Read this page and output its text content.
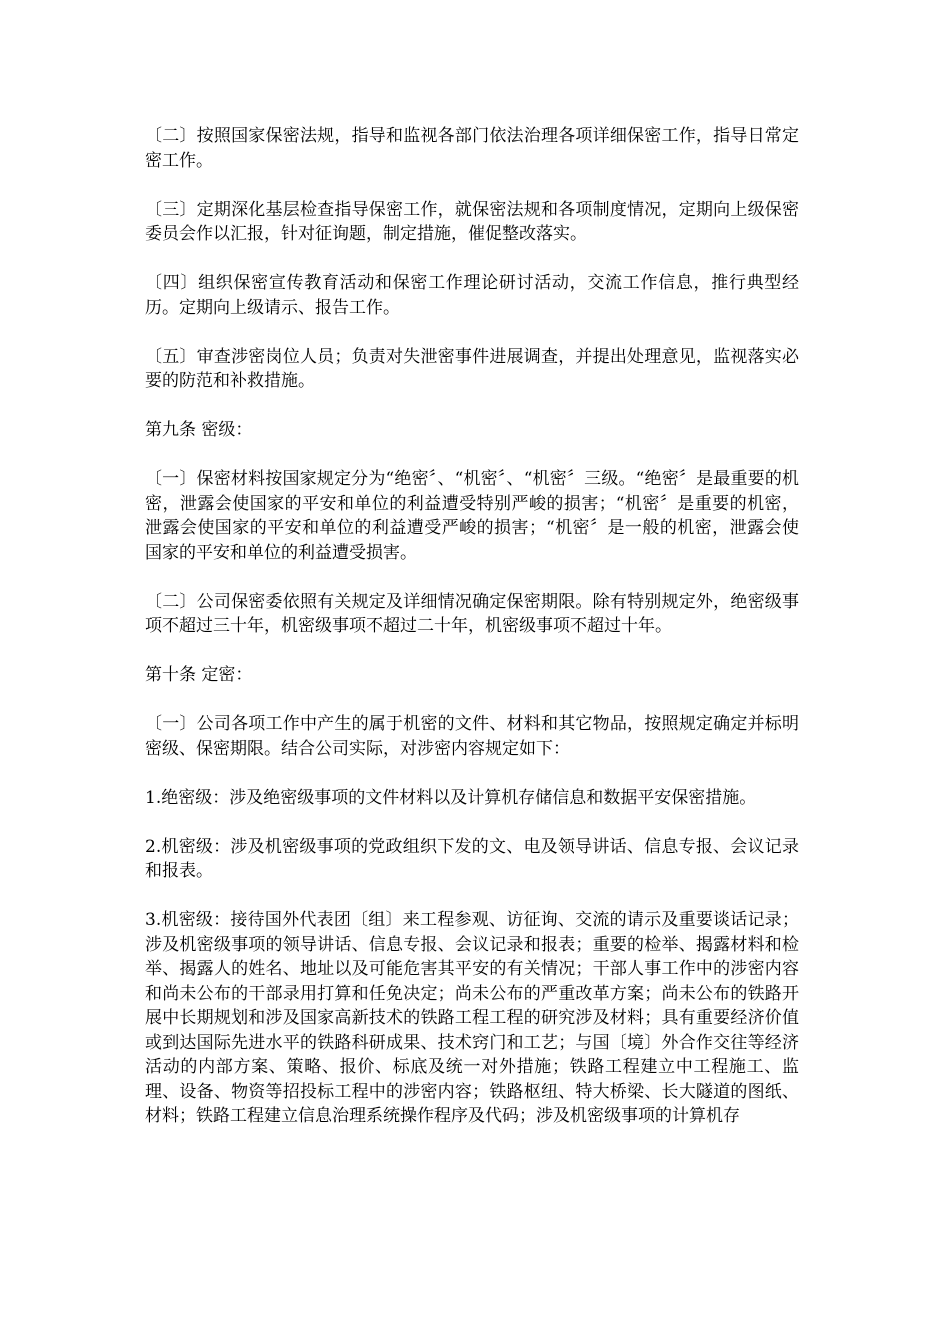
〔二〕按照国家保密法规，指导和监视各部门依法治理各项详细保密工作，指导日常定密工作。

〔三〕定期深化基层检查指导保密工作，就保密法规和各项制度情况，定期向上级保密委员会作以汇报，针对征询题，制定措施，催促整改落实。

〔四〕组织保密宣传教育活动和保密工作理论研讨活动，交流工作信息，推行典型经历。定期向上级请示、报告工作。

〔五〕审查涉密岗位人员；负责对失泄密事件进展调查，并提出处理意见，监视落实必要的防范和补救措施。

第九条 密级：

〔一〕保密材料按国家规定分为“绝密〞、“机密〞、“机密〞三级。“绝密〞是最重要的机密，泄露会使国家的平安和单位的利益遭受特别严峻的损害；“机密〞是重要的机密，泄露会使国家的平安和单位的利益遭受严峻的损害；“机密〞是一般的机密，泄露会使国家的平安和单位的利益遭受损害。

〔二〕公司保密委依照有关规定及详细情况确定保密期限。除有特别规定外，绝密级事项不超过三十年，机密级事项不超过二十年，机密级事项不超过十年。

第十条 定密：

〔一〕公司各项工作中产生的属于机密的文件、材料和其它物品，按照规定确定并标明密级、保密期限。结合公司实际，对涉密内容规定如下：

1.绝密级：涉及绝密级事项的文件材料以及计算机存储信息和数据平安保密措施。

2.机密级：涉及机密级事项的党政组织下发的文、电及领导讲话、信息专报、会议记录和报表。

3.机密级：接待国外代表团〔组〕来工程参观、访征询、交流的请示及重要谈话记录；涉及机密级事项的领导讲话、信息专报、会议记录和报表；重要的检举、揭露材料和检举、揭露人的姓名、地址以及可能危害其平安的有关情况；干部人事工作中的涉密内容和尚未公布的干部录用打算和任免决定；尚未公布的严重改革方案；尚未公布的铁路开展中长期规划和涉及国家高新技术的铁路工程工程的研究涉及材料；具有重要经济价值或到达国际先进水平的铁路科研成果、技术窍门和工艺；与国〔境〕外合作交往等经济活动的内部方案、策略、报价、标底及统一对外措施；铁路工程建立中工程施工、监理、设备、物资等招投标工程中的涉密内容；铁路枢纽、特大桥梁、长大隧道的图纸、材料；铁路工程建立信息治理系统操作程序及代码；涉及机密级事项的计算机存
